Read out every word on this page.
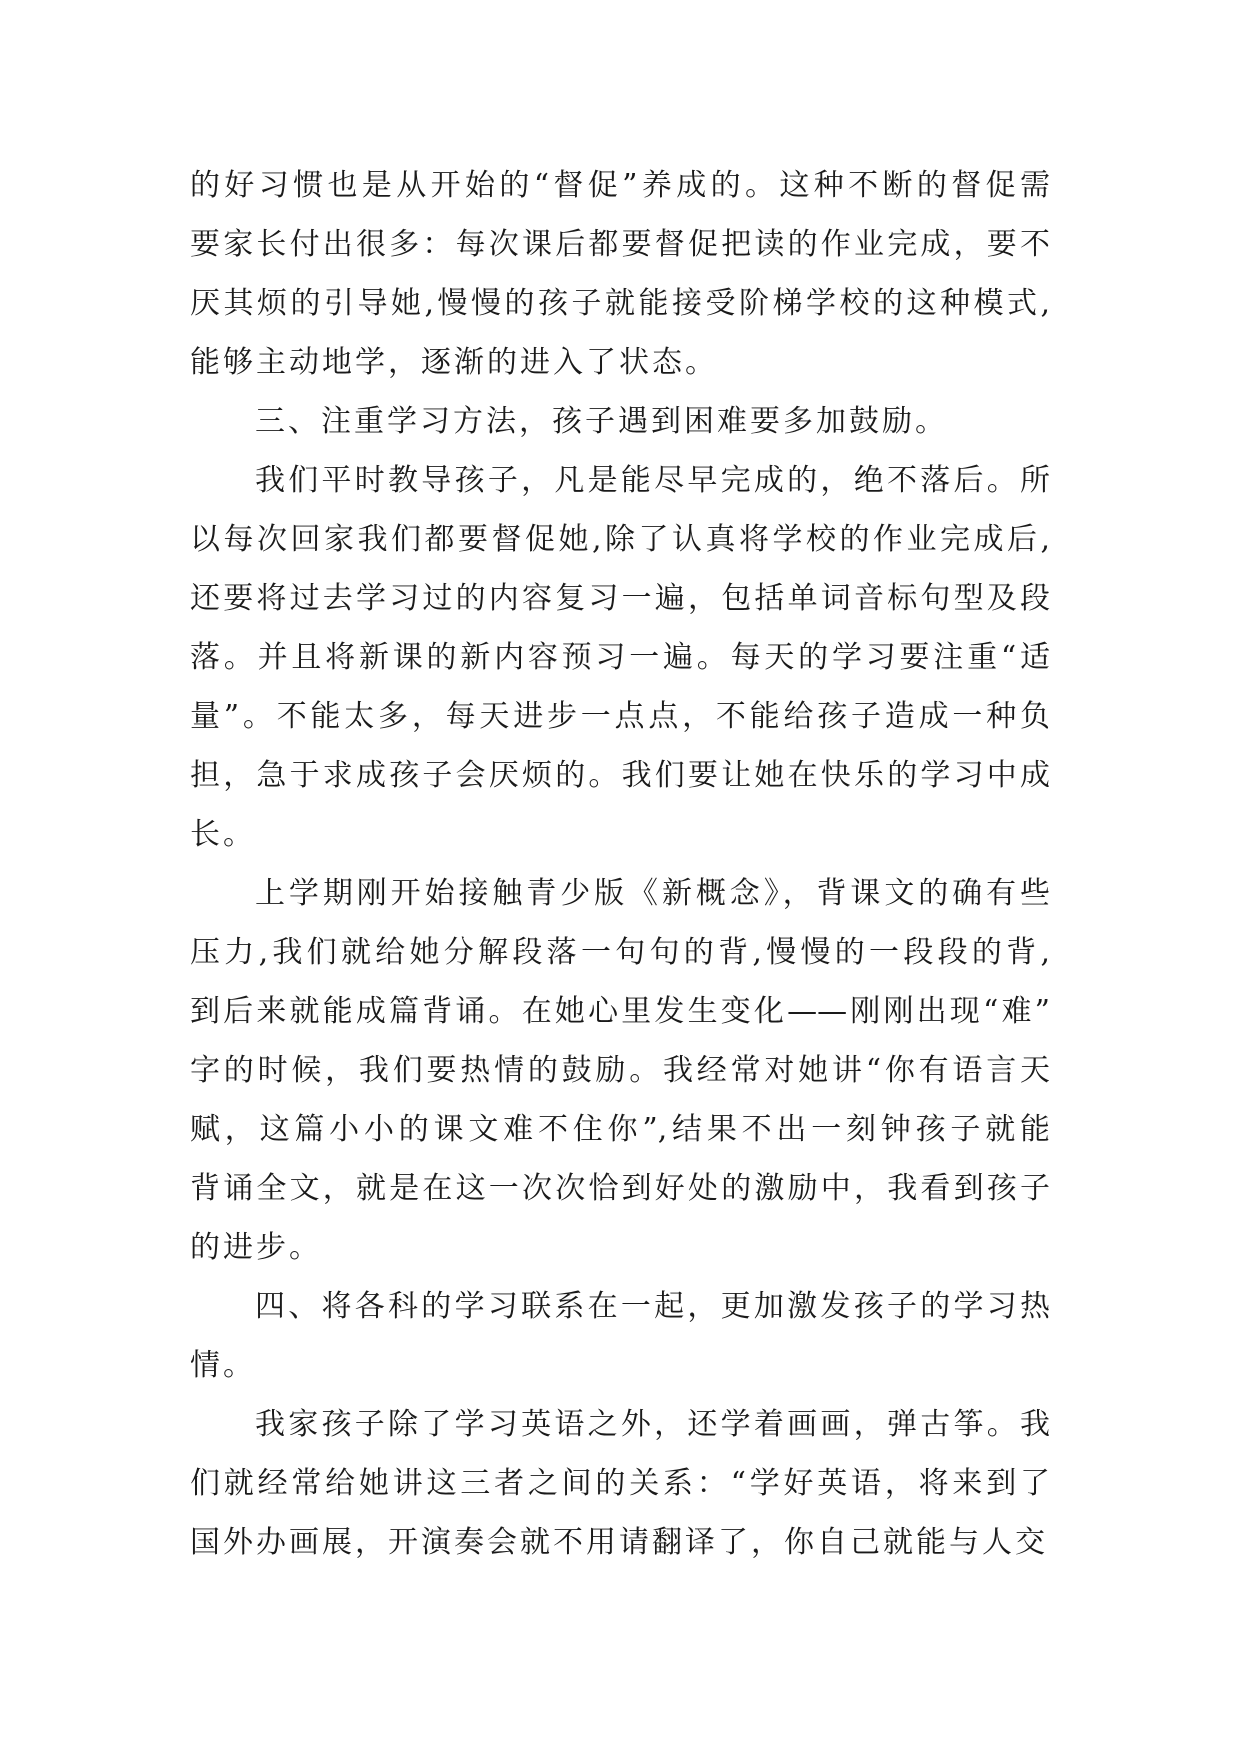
的好习惯也是从开始的“督促”养成的。这种不断的督促需
要家长付出很多：每次课后都要督促把读的作业完成，要不
厌其烦的引导她,慢慢的孩子就能接受阶梯学校的这种模式,
能够主动地学，逐渐的进入了状态。
三、注重学习方法，孩子遇到困难要多加鼓励。
我们平时教导孩子，凡是能尽早完成的，绝不落后。所
以每次回家我们都要督促她,除了认真将学校的作业完成后,
还要将过去学习过的内容复习一遍，包括单词音标句型及段
落。并且将新课的新内容预习一遍。每天的学习要注重“适
量”。不能太多，每天进步一点点，不能给孩子造成一种负
担，急于求成孩子会厌烦的。我们要让她在快乐的学习中成
长。
上学期刚开始接触青少版《新概念》，背课文的确有些
压力,我们就给她分解段落一句句的背,慢慢的一段段的背,
到后来就能成篇背诵。在她心里发生变化——刚刚出现“难”
字的时候，我们要热情的鼓励。我经常对她讲“你有语言天
赋，这篇小小的课文难不住你”,结果不出一刻钟孩子就能
背诵全文，就是在这一次次恰到好处的激励中，我看到孩子
的进步。
四、将各科的学习联系在一起，更加激发孩子的学习热
情。
我家孩子除了学习英语之外，还学着画画，弹古筝。我
们就经常给她讲这三者之间的关系：“学好英语，将来到了
国外办画展，开演奏会就不用请翻译了，你自己就能与人交
